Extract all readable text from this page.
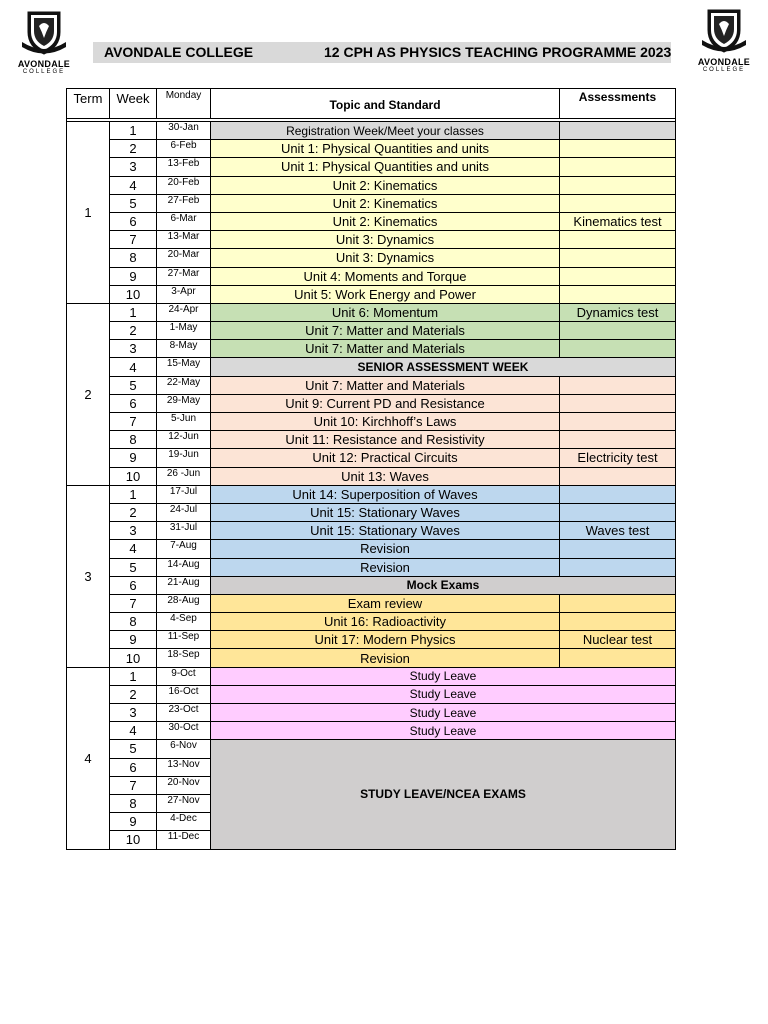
AVONDALE
COLLEGE
AVONDALE
COLLEGE
AVONDALE COLLEGE	12 CPH AS PHYSICS TEACHING PROGRAMME 2023
Term	Week	Monday	Topic and Standard	Assessments

1	1	30-Jan	Registration Week/Meet your classes	
	2	6-Feb	Unit 1: Physical Quantities and units	
	3	13-Feb	Unit 1: Physical Quantities and units	
	4	20-Feb	Unit 2: Kinematics	
	5	27-Feb	Unit 2: Kinematics	
	6	6-Mar	Unit 2: Kinematics	Kinematics test
	7	13-Mar	Unit 3: Dynamics	
	8	20-Mar	Unit 3: Dynamics	
	9	27-Mar	Unit 4: Moments and Torque	
	10	3-Apr	Unit 5: Work Energy and Power	
2	1	24-Apr	Unit 6: Momentum	Dynamics test
	2	1-May	Unit 7: Matter and Materials	
	3	8-May	Unit 7: Matter and Materials	
	4	15-May	SENIOR ASSESSMENT WEEK	
	5	22-May	Unit 7: Matter and Materials	
	6	29-May	Unit 9: Current PD and Resistance	
	7	5-Jun	Unit 10: Kirchhoff’s Laws	
	8	12-Jun	Unit 11: Resistance and Resistivity	
	9	19-Jun	Unit 12: Practical Circuits	Electricity test
	10	26 -Jun	Unit 13: Waves	
3	1	17-Jul	Unit 14: Superposition of Waves	
	2	24-Jul	Unit 15: Stationary Waves	
	3	31-Jul	Unit 15: Stationary Waves	Waves test
	4	7-Aug	Revision	
	5	14-Aug	Revision	
	6	21-Aug	Mock Exams	
	7	28-Aug	Exam review	
	8	4-Sep	Unit 16: Radioactivity	
	9	11-Sep	Unit 17: Modern Physics	Nuclear test
	10	18-Sep	Revision	
4	1	9-Oct	Study Leave	
	2	16-Oct	Study Leave	
	3	23-Oct	Study Leave	
	4	30-Oct	Study Leave	
	5	6-Nov	STUDY LEAVE/NCEA EXAMS	
	6	13-Nov		
	7	20-Nov		
	8	27-Nov		
	9	4-Dec		
	10	11-Dec		
